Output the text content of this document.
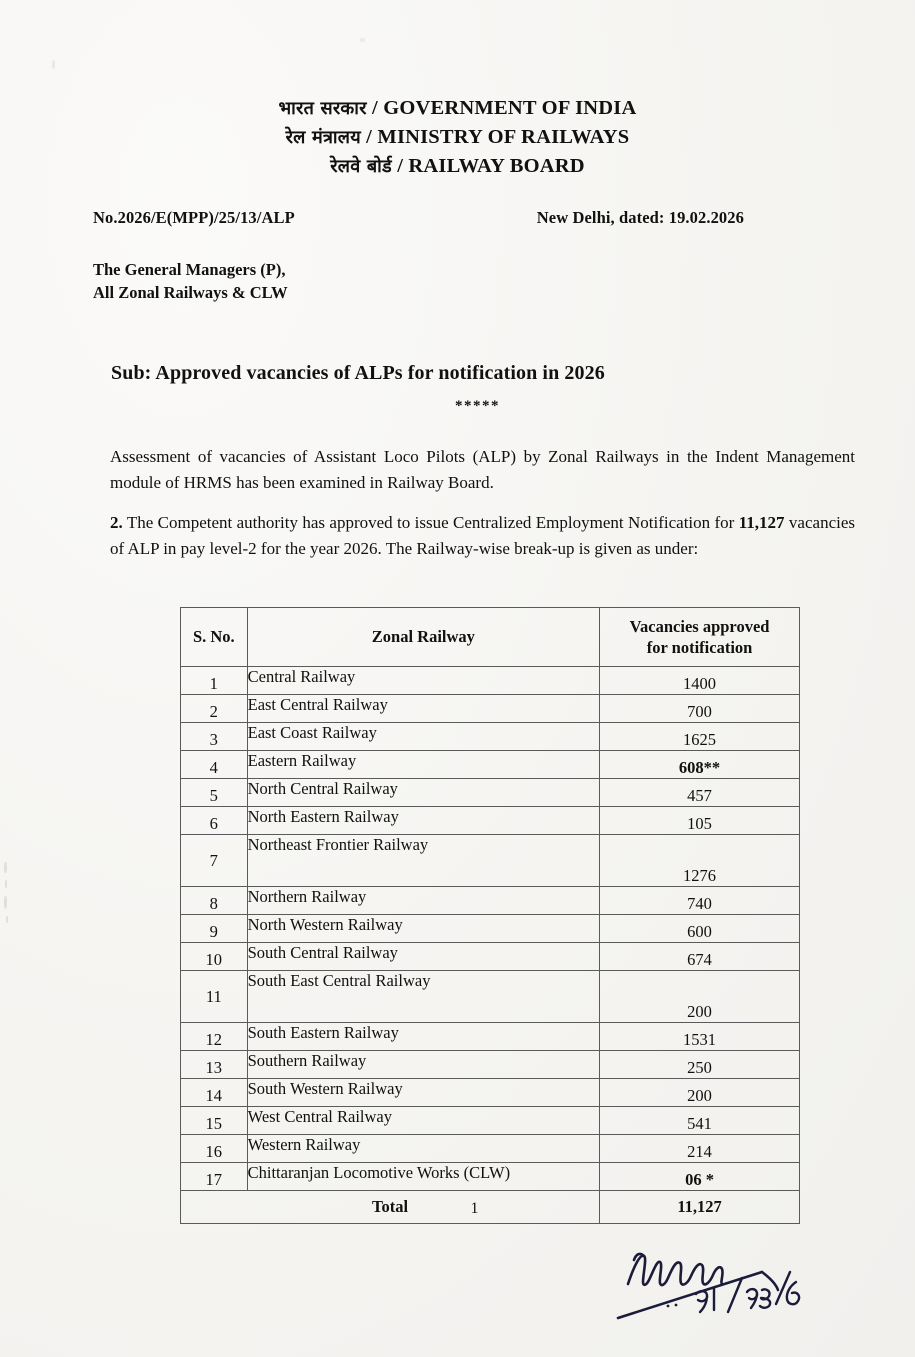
भारत सरकार / GOVERNMENT OF INDIA
रेल मंत्रालय / MINISTRY OF RAILWAYS
रेलवे बोर्ड / RAILWAY BOARD
No.2026/E(MPP)/25/13/ALP	New Delhi, dated: 19.02.2026
The General Managers (P),
All Zonal Railways & CLW
Sub: Approved vacancies of ALPs for notification in 2026
*****
Assessment of vacancies of Assistant Loco Pilots (ALP) by Zonal Railways in the Indent Management module of HRMS has been examined in Railway Board.
2. The Competent authority has approved to issue Centralized Employment Notification for 11,127 vacancies of ALP in pay level-2 for the year 2026. The Railway-wise break-up is given as under:
S. No.	Zonal Railway	Vacancies approved
for notification
1	Central Railway	1400
2	East Central Railway	700
3	East Coast Railway	1625
4	Eastern Railway	608**
5	North Central Railway	457
6	North Eastern Railway	105
7	Northeast Frontier Railway	1276
8	Northern Railway	740
9	North Western Railway	600
10	South Central Railway	674
11	South East Central Railway	200
12	South Eastern Railway	1531
13	Southern Railway	250
14	South Western Railway	200
15	West Central Railway	541
16	Western Railway	214
17	Chittaranjan Locomotive Works (CLW)	06 *
Total		11,127
1
